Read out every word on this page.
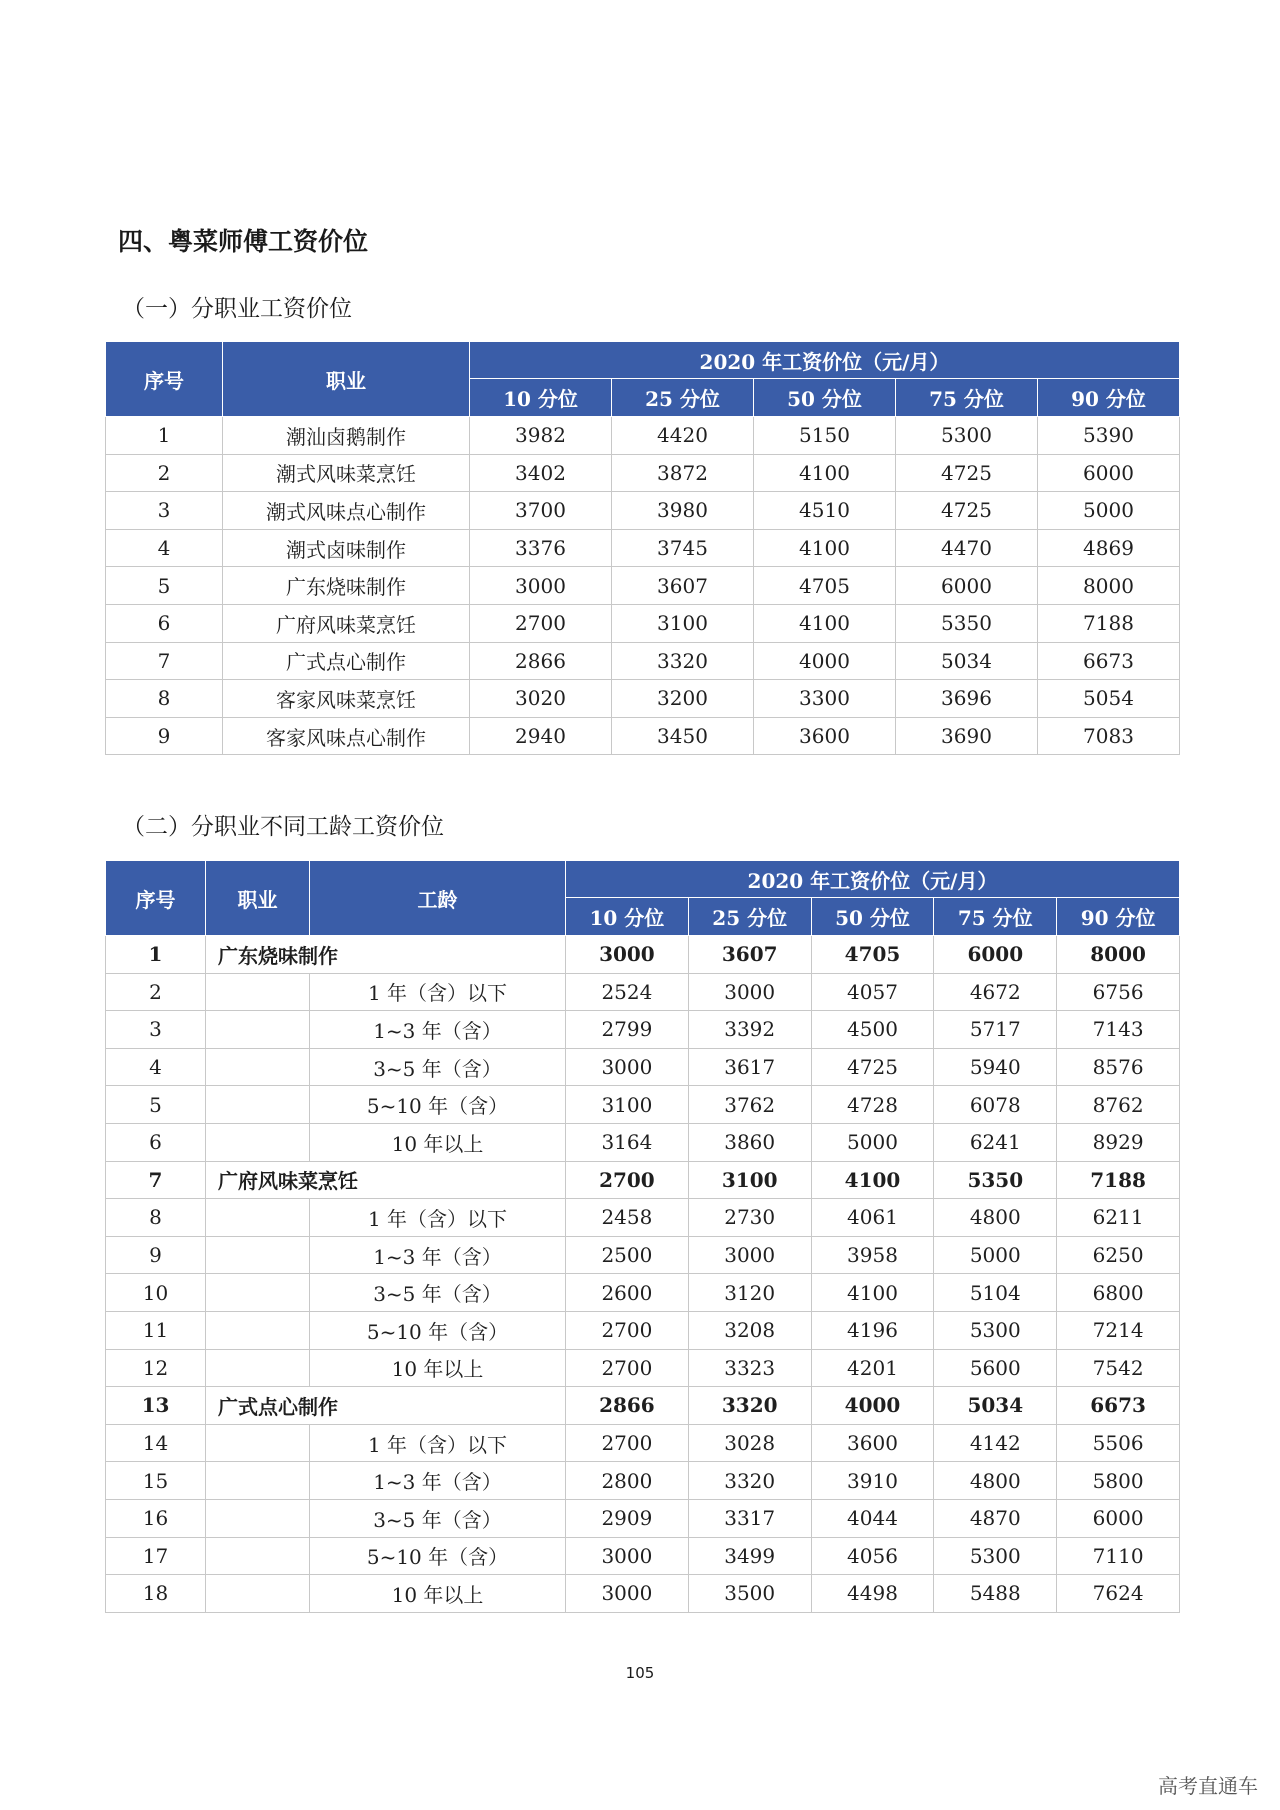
四、粤菜师傅工资价位
（一）分职业工资价位
序号	职业	2020 年工资价位（元/月）				
		10 分位	25 分位	50 分位	75 分位	90 分位
1	潮汕卤鹅制作	3982	4420	5150	5300	5390
2	潮式风味菜烹饪	3402	3872	4100	4725	6000
3	潮式风味点心制作	3700	3980	4510	4725	5000
4	潮式卤味制作	3376	3745	4100	4470	4869
5	广东烧味制作	3000	3607	4705	6000	8000
6	广府风味菜烹饪	2700	3100	4100	5350	7188
7	广式点心制作	2866	3320	4000	5034	6673
8	客家风味菜烹饪	3020	3200	3300	3696	5054
9	客家风味点心制作	2940	3450	3600	3690	7083
（二）分职业不同工龄工资价位
序号	职业	工龄	2020 年工资价位（元/月）				
			10 分位	25 分位	50 分位	75 分位	90 分位
1	广东烧味制作		3000	3607	4705	6000	8000
2		1 年（含）以下	2524	3000	4057	4672	6756
3		1~3 年（含）	2799	3392	4500	5717	7143
4		3~5 年（含）	3000	3617	4725	5940	8576
5		5~10 年（含）	3100	3762	4728	6078	8762
6		10 年以上	3164	3860	5000	6241	8929
7	广府风味菜烹饪		2700	3100	4100	5350	7188
8		1 年（含）以下	2458	2730	4061	4800	6211
9		1~3 年（含）	2500	3000	3958	5000	6250
10		3~5 年（含）	2600	3120	4100	5104	6800
11		5~10 年（含）	2700	3208	4196	5300	7214
12		10 年以上	2700	3323	4201	5600	7542
13	广式点心制作		2866	3320	4000	5034	6673
14		1 年（含）以下	2700	3028	3600	4142	5506
15		1~3 年（含）	2800	3320	3910	4800	5800
16		3~5 年（含）	2909	3317	4044	4870	6000
17		5~10 年（含）	3000	3499	4056	5300	7110
18		10 年以上	3000	3500	4498	5488	7624
105
高考直通车
